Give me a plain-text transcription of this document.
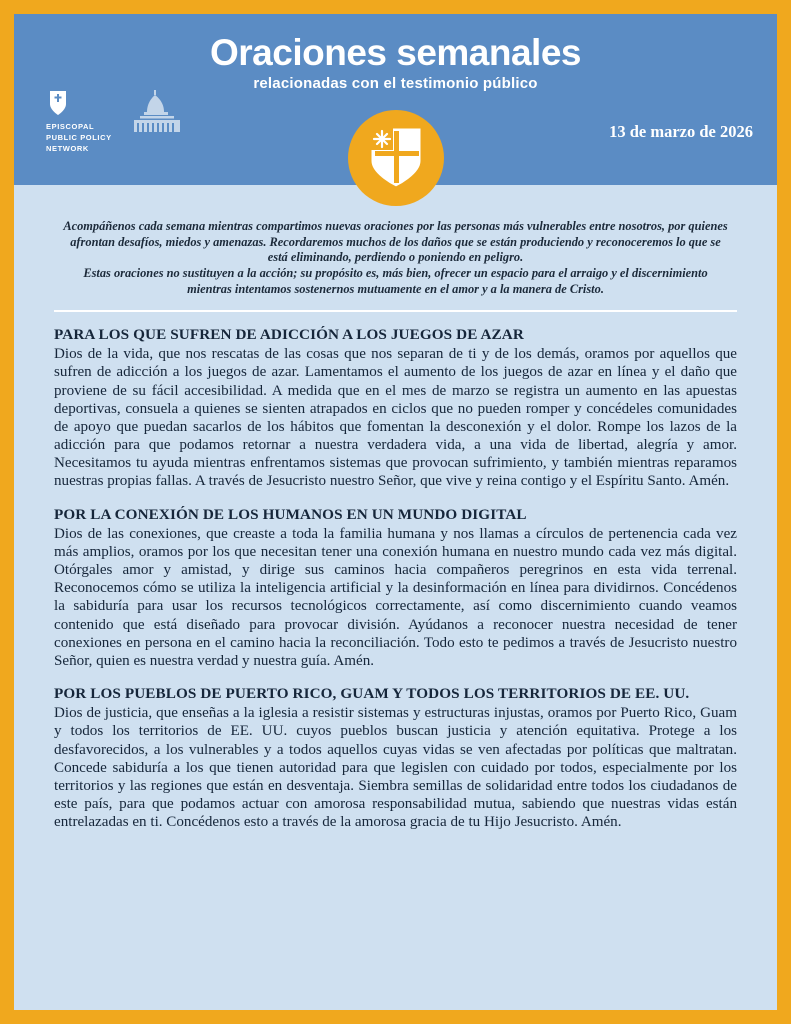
Oraciones semanales
relacionadas con el testimonio público
13 de marzo de 2026
EPISCOPAL
PUBLIC POLICY
NETWORK
Acompáñenos cada semana mientras compartimos nuevas oraciones por las personas más vulnerables entre nosotros, por quienes afrontan desafíos, miedos y amenazas. Recordaremos muchos de los daños que se están produciendo y reconoceremos lo que se está eliminando, perdiendo o poniendo en peligro.
Estas oraciones no sustituyen a la acción; su propósito es, más bien, ofrecer un espacio para el arraigo y el discernimiento mientras intentamos sostenernos mutuamente en el amor y a la manera de Cristo.
PARA LOS QUE SUFREN DE ADICCIÓN A LOS JUEGOS DE AZAR

Dios de la vida, que nos rescatas de las cosas que nos separan de ti y de los demás, oramos por aquellos que sufren de adicción a los juegos de azar. Lamentamos el aumento de los juegos de azar en línea y el daño que proviene de su fácil accesibilidad. A medida que en el mes de marzo se registra un aumento en las apuestas deportivas, consuela a quienes se sienten atrapados en ciclos que no pueden romper y concédeles comunidades de apoyo que puedan sacarlos de los hábitos que fomentan la desconexión y el dolor. Rompe los lazos de la adicción para que podamos retornar a nuestra verdadera vida, a una vida de libertad, alegría y amor. Necesitamos tu ayuda mientras enfrentamos sistemas que provocan sufrimiento, y también mientras reparamos nuestras propias fallas. A través de Jesucristo nuestro Señor, que vive y reina contigo y el Espíritu Santo. Amén.

POR LA CONEXIÓN DE LOS HUMANOS EN UN MUNDO DIGITAL

Dios de las conexiones, que creaste a toda la familia humana y nos llamas a círculos de pertenencia cada vez más amplios, oramos por los que necesitan tener una conexión humana en nuestro mundo cada vez más digital. Otórgales amor y amistad, y dirige sus caminos hacia compañeros peregrinos en esta vida terrenal. Reconocemos cómo se utiliza la inteligencia artificial y la desinformación en línea para dividirnos. Concédenos la sabiduría para usar los recursos tecnológicos correctamente, así como discernimiento cuando veamos contenido que está diseñado para provocar división. Ayúdanos a reconocer nuestra necesidad de tener conexiones en persona en el camino hacia la reconciliación. Todo esto te pedimos a través de Jesucristo nuestro Señor, quien es nuestra verdad y nuestra guía. Amén.

POR LOS PUEBLOS DE PUERTO RICO, GUAM Y TODOS LOS TERRITORIOS DE EE. UU.

Dios de justicia, que enseñas a la iglesia a resistir sistemas y estructuras injustas, oramos por Puerto Rico, Guam y todos los territorios de EE. UU. cuyos pueblos buscan justicia y atención equitativa. Protege a los desfavorecidos, a los vulnerables y a todos aquellos cuyas vidas se ven afectadas por políticas que maltratan. Concede sabiduría a los que tienen autoridad para que legislen con cuidado por todos, especialmente por los territorios y las regiones que están en desventaja. Siembra semillas de solidaridad entre todos los ciudadanos de este país, para que podamos actuar con amorosa responsabilidad mutua, sabiendo que nuestras vidas están entrelazadas en ti. Concédenos esto a través de la amorosa gracia de tu Hijo Jesucristo. Amén.
